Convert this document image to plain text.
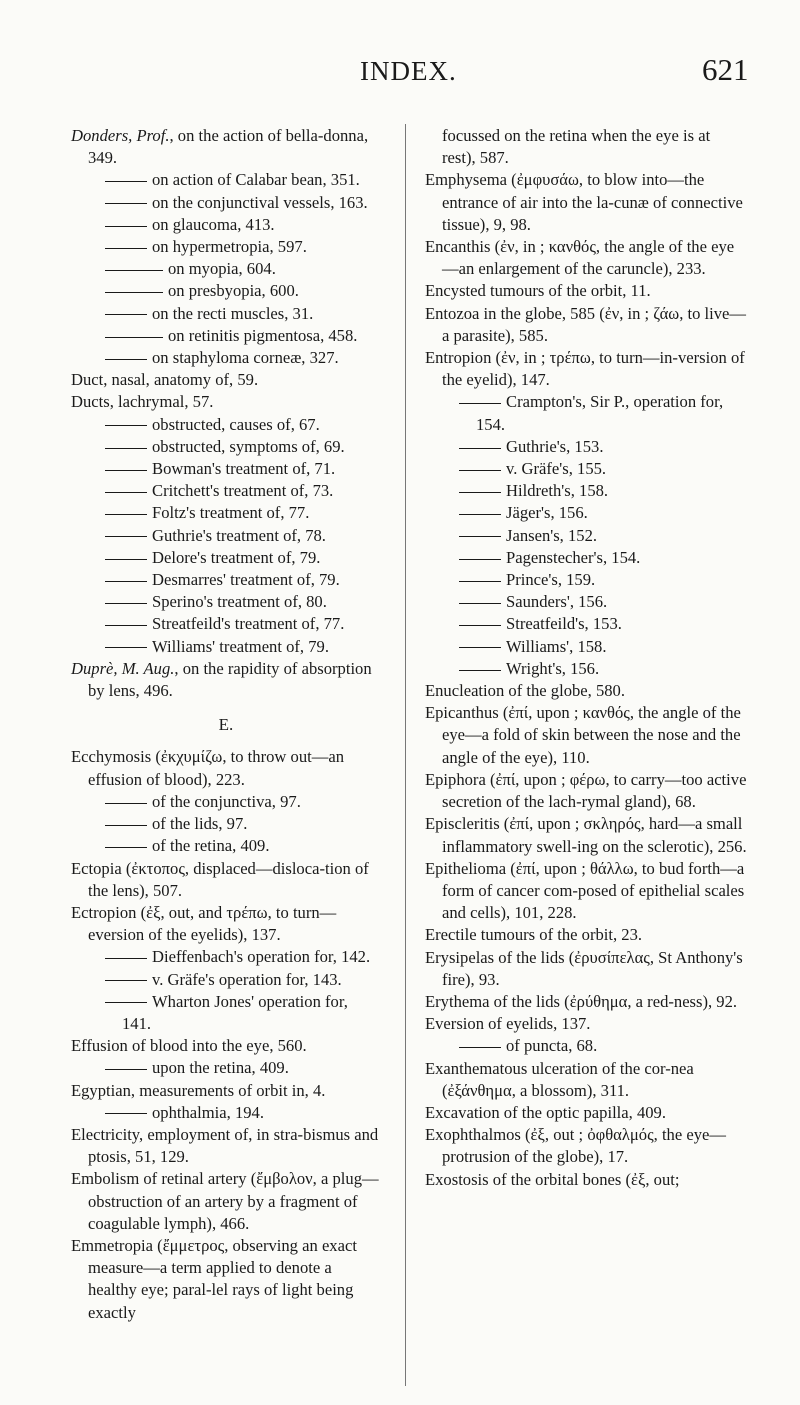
INDEX.	621

Donders, Prof., on the action of bella-donna, 349.

on action of Calabar bean, 351.

on the conjunctival vessels, 163.

on glaucoma, 413.

on hypermetropia, 597.

on myopia, 604.

on presbyopia, 600.

on the recti muscles, 31.

on retinitis pigmentosa, 458.

on staphyloma corneæ, 327.

Duct, nasal, anatomy of, 59.

Ducts, lachrymal, 57.

obstructed, causes of, 67.

obstructed, symptoms of, 69.

Bowman's treatment of, 71.

Critchett's treatment of, 73.

Foltz's treatment of, 77.

Guthrie's treatment of, 78.

Delore's treatment of, 79.

Desmarres' treatment of, 79.

Sperino's treatment of, 80.

Streatfeild's treatment of, 77.

Williams' treatment of, 79.

Duprè, M. Aug., on the rapidity of absorption by lens, 496.

E.

Ecchymosis (ἐκχυμίζω, to throw out—an effusion of blood), 223.

of the conjunctiva, 97.

of the lids, 97.

of the retina, 409.

Ectopia (ἐκτοπος, displaced—disloca-tion of the lens), 507.

Ectropion (ἐξ, out, and τρέπω, to turn—eversion of the eyelids), 137.

Dieffenbach's operation for, 142.

v. Gräfe's operation for, 143.

Wharton Jones' operation for, 141.

Effusion of blood into the eye, 560.

upon the retina, 409.

Egyptian, measurements of orbit in, 4.

ophthalmia, 194.

Electricity, employment of, in stra-bismus and ptosis, 51, 129.

Embolism of retinal artery (ἔμβολον, a plug—obstruction of an artery by a fragment of coagulable lymph), 466.

Emmetropia (ἔμμετρος, observing an exact measure—a term applied to denote a healthy eye; paral-lel rays of light being exactly

focussed on the retina when the eye is at rest), 587.

Emphysema (ἐμφυσάω, to blow into—the entrance of air into the la-cunæ of connective tissue), 9, 98.

Encanthis (ἐν, in ; κανθός, the angle of the eye—an enlargement of the caruncle), 233.

Encysted tumours of the orbit, 11.

Entozoa in the globe, 585 (ἐν, in ; ζάω, to live—a parasite), 585.

Entropion (ἐν, in ; τρέπω, to turn—in-version of the eyelid), 147.

Crampton's, Sir P., operation for, 154.

Guthrie's, 153.

v. Gräfe's, 155.

Hildreth's, 158.

Jäger's, 156.

Jansen's, 152.

Pagenstecher's, 154.

Prince's, 159.

Saunders', 156.

Streatfeild's, 153.

Williams', 158.

Wright's, 156.

Enucleation of the globe, 580.

Epicanthus (ἐπί, upon ; κανθός, the angle of the eye—a fold of skin between the nose and the angle of the eye), 110.

Epiphora (ἐπί, upon ; φέρω, to carry—too active secretion of the lach-rymal gland), 68.

Episcleritis (ἐπί, upon ; σκληρός, hard—a small inflammatory swell-ing on the sclerotic), 256.

Epithelioma (ἐπί, upon ; θάλλω, to bud forth—a form of cancer com-posed of epithelial scales and cells), 101, 228.

Erectile tumours of the orbit, 23.

Erysipelas of the lids (ἐρυσίπελας, St Anthony's fire), 93.

Erythema of the lids (ἐρύθημα, a red-ness), 92.

Eversion of eyelids, 137.

of puncta, 68.

Exanthematous ulceration of the cor-nea (ἐξάνθημα, a blossom), 311.

Excavation of the optic papilla, 409.

Exophthalmos (ἐξ, out ; ὀφθαλμός, the eye—protrusion of the globe), 17.

Exostosis of the orbital bones (ἐξ, out;
